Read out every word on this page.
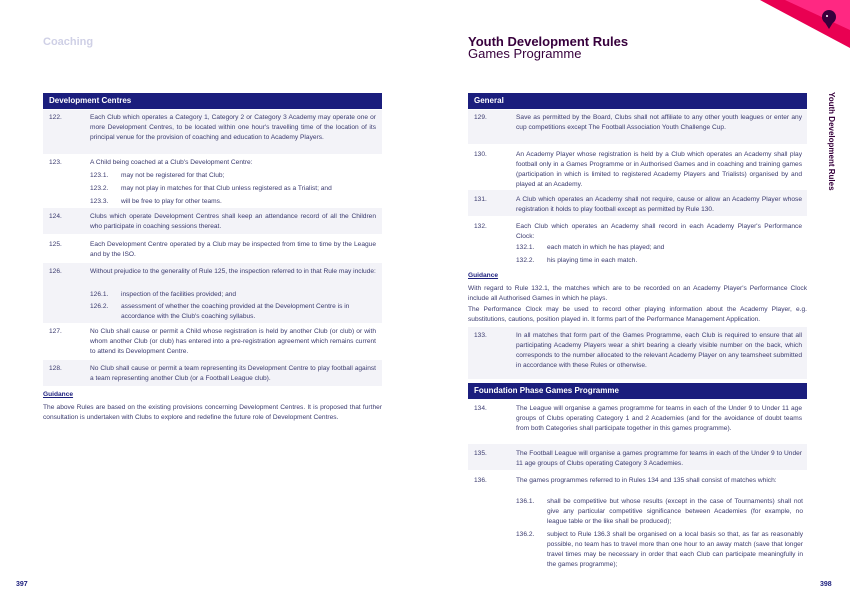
Coaching
Development Centres
122.	Each Club which operates a Category 1, Category 2 or Category 3 Academy may operate one or more Development Centres, to be located within one hour's travelling time of the location of its principal venue for the provision of coaching and education to Academy Players.
123.	A Child being coached at a Club's Development Centre:
123.1. may not be registered for that Club;
123.2. may not play in matches for that Club unless registered as a Trialist; and
123.3. will be free to play for other teams.
124.	Clubs which operate Development Centres shall keep an attendance record of all the Children who participate in coaching sessions thereat.
125.	Each Development Centre operated by a Club may be inspected from time to time by the League and by the ISO.
126.	Without prejudice to the generality of Rule 125, the inspection referred to in that Rule may include:
126.1. inspection of the facilities provided; and
126.2. assessment of whether the coaching provided at the Development Centre is in accordance with the Club's coaching syllabus.
127.	No Club shall cause or permit a Child whose registration is held by another Club (or club) or with whom another Club (or club) has entered into a pre-registration agreement which remains current to attend its Development Centre.
128.	No Club shall cause or permit a team representing its Development Centre to play football against a team representing another Club (or a Football League club).
Guidance
The above Rules are based on the existing provisions concerning Development Centres. It is proposed that further consultation is undertaken with Clubs to explore and redefine the future role of Development Centres.
397
Youth Development Rules
Games Programme
Youth Development Rules
General
129.	Save as permitted by the Board, Clubs shall not affiliate to any other youth leagues or enter any cup competitions except The Football Association Youth Challenge Cup.
130.	An Academy Player whose registration is held by a Club which operates an Academy shall play football only in a Games Programme or in Authorised Games and in coaching and training games (participation in which is limited to registered Academy Players and Trialists) organised by and played at an Academy.
131.	A Club which operates an Academy shall not require, cause or allow an Academy Player whose registration it holds to play football except as permitted by Rule 130.
132.	Each Club which operates an Academy shall record in each Academy Player's Performance Clock:
132.1. each match in which he has played; and
132.2. his playing time in each match.
Guidance
With regard to Rule 132.1, the matches which are to be recorded on an Academy Player's Performance Clock include all Authorised Games in which he plays.
The Performance Clock may be used to record other playing information about the Academy Player, e.g. substitutions, cautions, position played in. It forms part of the Performance Management Application.
133.	In all matches that form part of the Games Programme, each Club is required to ensure that all participating Academy Players wear a shirt bearing a clearly visible number on the back, which corresponds to the number allocated to the relevant Academy Player on any teamsheet submitted in accordance with these Rules or otherwise.
Foundation Phase Games Programme
134.	The League will organise a games programme for teams in each of the Under 9 to Under 11 age groups of Clubs operating Category 1 and 2 Academies (and for the avoidance of doubt teams from both Categories shall participate together in this games programme).
135.	The Football League will organise a games programme for teams in each of the Under 9 to Under 11 age groups of Clubs operating Category 3 Academies.
136.	The games programmes referred to in Rules 134 and 135 shall consist of matches which:
136.1. shall be competitive but whose results (except in the case of Tournaments) shall not give any particular competitive significance between Academies (for example, no league table or the like shall be produced);
136.2. subject to Rule 136.3 shall be organised on a local basis so that, as far as reasonably possible, no team has to travel more than one hour to an away match (save that longer travel times may be necessary in order that each Club can participate meaningfully in the games programme);
398
